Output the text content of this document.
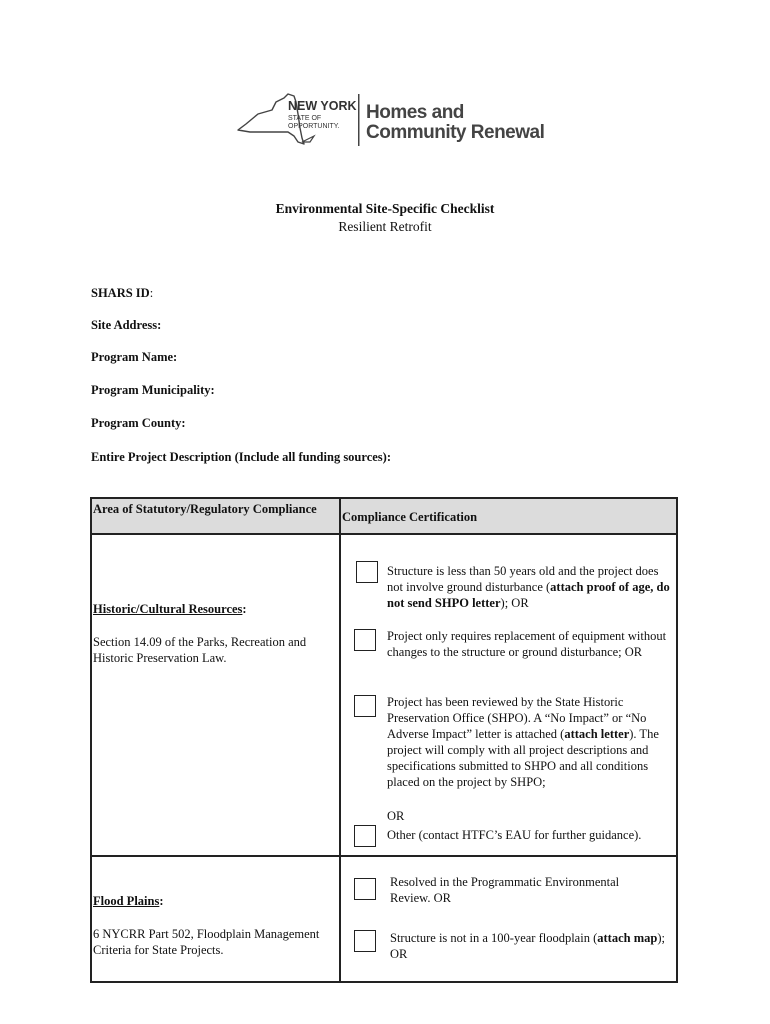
NEW YORK
STATE OF
OPPORTUNITY.
Homes and
Community Renewal
Environmental Site-Specific Checklist
Resilient Retrofit
SHARS ID:
Site Address:
Program Name:
Program Municipality:
Program County:
Entire Project Description (Include all funding sources):
Area of Statutory/Regulatory Compliance
Compliance Certification
Historic/Cultural Resources:
Section 14.09 of the Parks, Recreation and Historic Preservation Law.
Structure is less than 50 years old and the project does not involve ground disturbance (attach proof of age, do not send SHPO letter); OR
Project only requires replacement of equipment without changes to the structure or ground disturbance; OR
Project has been reviewed by the State Historic Preservation Office (SHPO). A “No Impact” or “No Adverse Impact” letter is attached (attach letter). The project will comply with all project descriptions and specifications submitted to SHPO and all conditions placed on the project by SHPO;
OR
Other (contact HTFC’s EAU for further guidance).
Flood Plains:
6 NYCRR Part 502, Floodplain Management Criteria for State Projects.
Resolved in the Programmatic Environmental Review. OR
Structure is not in a 100-year floodplain (attach map); OR
